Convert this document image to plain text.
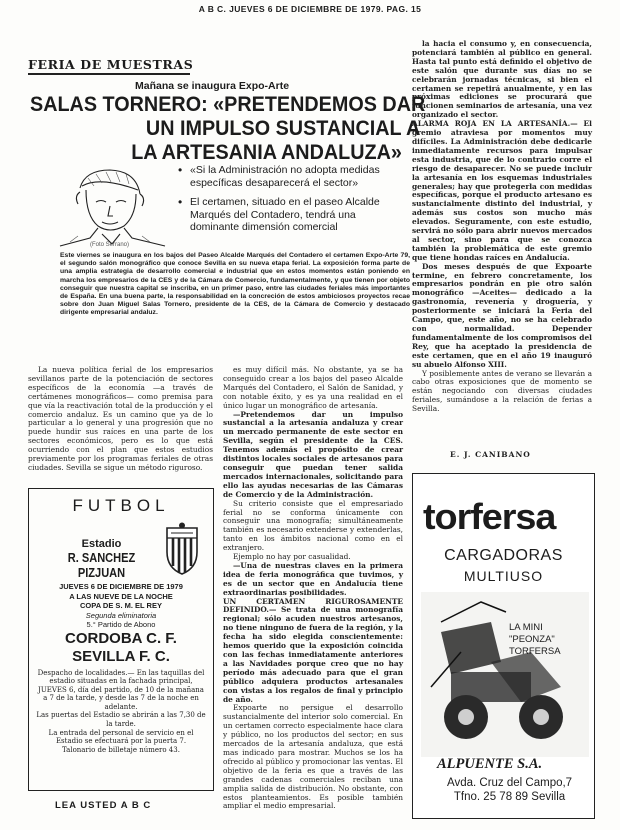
A B C. JUEVES 6 DE DICIEMBRE DE 1979. PAG. 15
FERIA DE MUESTRAS
Mañana se inaugura Expo-Arte
SALAS TORNERO: «PRETENDEMOS DAR
UN IMPULSO SUSTANCIAL A
LA ARTESANIA ANDALUZA»
• «Si la Administración no adopta medidas específicas desaparecerá el sector»
• El certamen, situado en el paseo Alcalde Marqués del Contadero, tendrá una dominante dimensión comercial
(Foto Serrano)
Este viernes se inaugura en los bajos del Paseo Alcalde Marqués del Contadero el certamen Expo-Arte 79, el segundo salón monográfico que conoce Sevilla en su nueva etapa ferial. La exposición forma parte de una amplia estrategia de desarrollo comercial e industrial que en estos momentos están poniendo en marcha los empresarios de la CES y de la Cámara de Comercio, fundamentalmente, y que tienen por objeto conseguir que nuestra capital se inscriba, en un primer paso, entre las ciudades feriales más importantes de España. En una buena parte, la responsabilidad en la concreción de estos ambiciosos proyectos recae sobre don Juan Miguel Salas Tornero, presidente de la CES, de la Cámara de Comercio y destacado dirigente empresarial andaluz.

La nueva política ferial de los empresarios sevillanos parte de la potenciación de sectores específicos de la economía —a través de certámenes monográficos— como premisa para que vía la reactivación total de la producción y el comercio andaluz. Es un camino que ya de lo particular a lo general y una progresión que no puede hundir sus raíces en una parte de los sectores económicos, pero es lo que está ocurriendo con el plan que estos estudios previamente por los programas feriales de otras ciudades. Sevilla se sigue un método riguroso.

es muy difícil más. No obstante, ya se ha conseguido crear a los bajos del paseo Alcalde Marqués del Contadero, el Salón de Sanidad, y con notable éxito, y es ya una realidad en el único lugar un monográfico de artesanía.

—Pretendemos dar un impulso sustancial a la artesanía andaluza y crear un mercado permanente de este sector en Sevilla, según el presidente de la CES. Tenemos además el propósito de crear distintos locales sociales de artesanos para conseguir que puedan tener salida mercados internacionales, solicitando para ello las ayudas necesarias de las Cámaras de Comercio y de la Administración.

Su criterio consiste que el empresariado ferial no se conforma únicamente con conseguir una monografía; simultáneamente también es necesario extenderse y extenderlas, tanto en los ámbitos nacional como en el extranjero.

Ejemplo no hay por casualidad.

—Una de nuestras claves en la primera idea de feria monográfica que tuvimos, y es de un sector que en Andalucía tiene extraordinarias posibilidades.

UN CERTAMEN RIGUROSAMENTE DEFINIDO.— Se trata de una monografía regional; sólo acuden nuestros artesanos, no tiene ninguno de fuera de la región, y la fecha ha sido elegida conscientemente: hemos querido que la exposición coincida con las fechas inmediatamente anteriores a las Navidades porque creo que no hay período más adecuado para que el gran público adquiera productos artesanales con vistas a los regalos de final y principio de año.

Expoarte no persigue el desarrollo sustancialmente del interior solo comercial. En un certamen correcto especialmente hace clara y público, no los productos del sector; en sus mercados de la artesanía andaluza, que está mas indicado para mostrar. Muchos se los ha ofrecido al público y promocionar las ventas. El objetivo de la feria es que a través de las grandes cadenas comerciales reciban una amplia salida de distribución. No obstante, con estos planteamientos. Es posible también ampliar el medio empresarial.

la hacia el consumo y, en consecuencia, potenciará también al público en general. Hasta tal punto está definido el objetivo de este salón que durante sus días no se celebrarán jornadas técnicas, si bien el certamen se repetirá anualmente, y en las próximas ediciones se procurará que funcionen seminarios de artesanía, una vez organizado el sector.

ALARMA ROJA EN LA ARTESANÍA.— El gremio atraviesa por momentos muy difíciles. La Administración debe dedicarle inmediatamente recursos para impulsar esta industria, que de lo contrario corre el riesgo de desaparecer. No se puede incluir la artesanía en los esquemas industriales generales; hay que protegerla con medidas específicas, porque el producto artesano es sustancialmente distinto del industrial, y además sus costos son mucho más elevados. Seguramente, con este estudio, servirá no sólo para abrir nuevos mercados al sector, sino para que se conozca también la problemática de este gremio que tiene hondas raíces en Andalucía.

Dos meses después de que Expoarte termine, en febrero concretamente, los empresarios pondrán en pie otro salón monográfico —Aceites— dedicado a la gastronomía, revenería y droguería, y posteriormente se iniciará la Feria del Campo, que, este año, no se ha celebrado con normalidad. Depender fundamentalmente de los compromisos del Rey, que ha aceptado la presidencia de este certamen, que en el año 19 inauguró su abuelo Alfonso XIII.

Y posiblemente antes de verano se llevarán a cabo otras exposiciones que de momento se están negociando con diversas ciudades feriales, sumándose a la relación de ferias a Sevilla.

E. J. CANIBANO
FUTBOL
Estadio
R. SANCHEZ PIZJUAN
JUEVES 6 DE DICIEMBRE DE 1979
A LAS NUEVE DE LA NOCHE
COPA DE S. M. EL REY
Segunda eliminatoria
5.° Partido de Abono
CORDOBA C. F.
SEVILLA F. C.

Despacho de localidades.— En las taquillas del estadio situadas en la fachada principal, JUEVES 6, día del partido, de 10 de la mañana a 7 de la tarde, y desde las 7 de la noche en adelante.

Las puertas del Estadio se abrirán a las 7,30 de la tarde.

La entrada del personal de servicio en el Estadio se efectuará por la puerta 7.

Talonario de billetaje número 43.

LEA USTED A B C
torfersa
CARGADORAS
MULTIUSO
LA MINI
"PEONZA"
TORFERSA
ALPUENTE S.A.
Avda. Cruz del Campo,7
Tfno. 25 78 89 Sevilla
